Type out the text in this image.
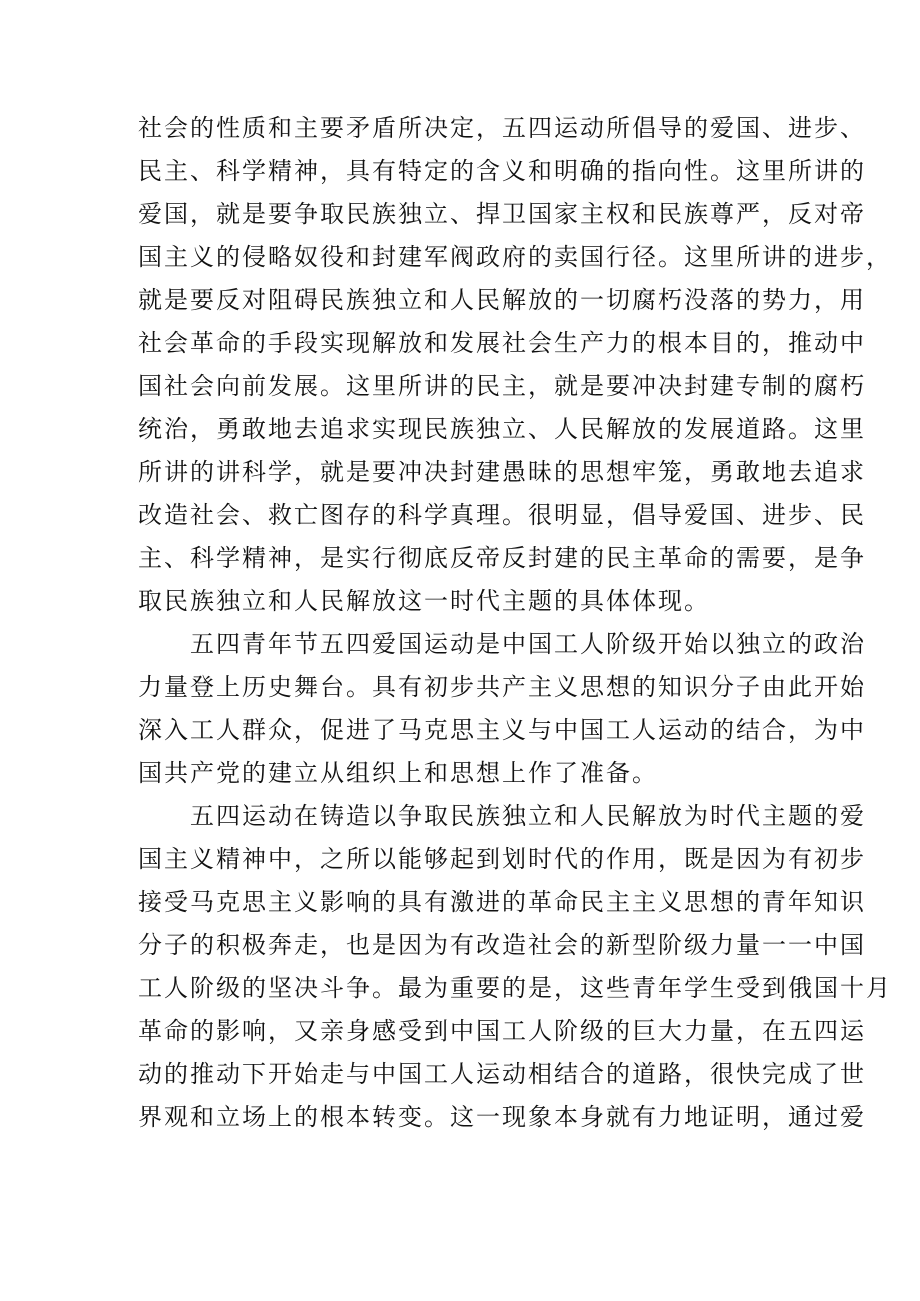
社会的性质和主要矛盾所决定，五四运动所倡导的爱国、进步、
民主、科学精神，具有特定的含义和明确的指向性。这里所讲的
爱国，就是要争取民族独立、捍卫国家主权和民族尊严，反对帝
国主义的侵略奴役和封建军阀政府的卖国行径。这里所讲的进步，
就是要反对阻碍民族独立和人民解放的一切腐朽没落的势力，用
社会革命的手段实现解放和发展社会生产力的根本目的，推动中
国社会向前发展。这里所讲的民主，就是要冲决封建专制的腐朽
统治，勇敢地去追求实现民族独立、人民解放的发展道路。这里
所讲的讲科学，就是要冲决封建愚昧的思想牢笼，勇敢地去追求
改造社会、救亡图存的科学真理。很明显，倡导爱国、进步、民
主、科学精神，是实行彻底反帝反封建的民主革命的需要，是争
取民族独立和人民解放这一时代主题的具体体现。
　　五四青年节五四爱国运动是中国工人阶级开始以独立的政治
力量登上历史舞台。具有初步共产主义思想的知识分子由此开始
深入工人群众，促进了马克思主义与中国工人运动的结合，为中
国共产党的建立从组织上和思想上作了准备。
　　五四运动在铸造以争取民族独立和人民解放为时代主题的爱
国主义精神中，之所以能够起到划时代的作用，既是因为有初步
接受马克思主义影响的具有激进的革命民主主义思想的青年知识
分子的积极奔走，也是因为有改造社会的新型阶级力量一一中国
工人阶级的坚决斗争。最为重要的是，这些青年学生受到俄国十月
革命的影响，又亲身感受到中国工人阶级的巨大力量，在五四运
动的推动下开始走与中国工人运动相结合的道路，很快完成了世
界观和立场上的根本转变。这一现象本身就有力地证明，通过爱
